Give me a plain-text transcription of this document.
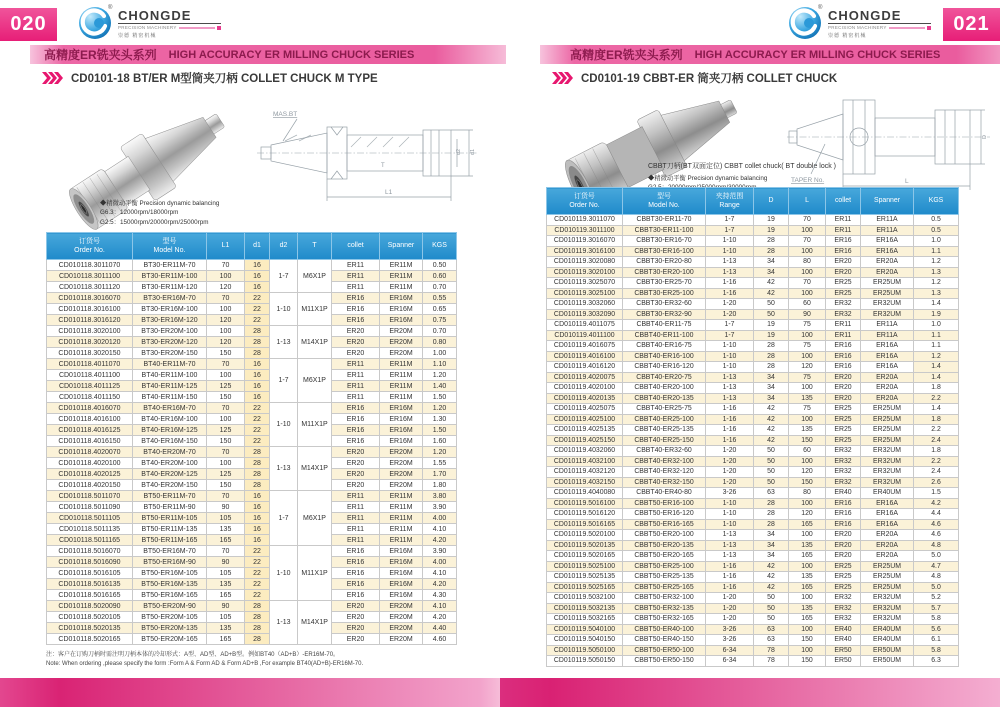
020
® CHONGDE
PRECISION MACHINERY
崇德 精密机械
高精度ER铣夹头系列 HIGH ACCURACY ER MILLING CHUCK SERIES
CD0101-18 BT/ER M型筒夹刀柄 COLLET CHUCK M TYPE
◆精微动平衡 Precision dynamic balancing
G6.3：12000rpm/18000rpm
G2.5：15000rpm/20000rpm/25000rpm
MAS.BT
L1
T
d2 d1
订货号
Order No.

型号
Model No.

L1	d1	d2	T	collet	Spanner	KGS

CD010118.3011070	BT30-ER11M-70	70	16	1-7	M6X1P	ER11	ER11M	0.50
CD010118.3011100	BT30-ER11M-100	100	16			ER11	ER11M	0.60
CD010118.3011120	BT30-ER11M-120	120	16			ER11	ER11M	0.70
CD010118.3016070	BT30-ER16M-70	70	22	1-10	M11X1P	ER16	ER16M	0.55
CD010118.3016100	BT30-ER16M-100	100	22			ER16	ER16M	0.65
CD010118.3016120	BT30-ER16M-120	120	22			ER16	ER16M	0.75
CD010118.3020100	BT30-ER20M-100	100	28	1-13	M14X1P	ER20	ER20M	0.70
CD010118.3020120	BT30-ER20M-120	120	28			ER20	ER20M	0.80
CD010118.3020150	BT30-ER20M-150	150	28			ER20	ER20M	1.00
CD010118.4011070	BT40-ER11M-70	70	16	1-7	M6X1P	ER11	ER11M	1.10
CD010118.4011100	BT40-ER11M-100	100	16			ER11	ER11M	1.20
CD010118.4011125	BT40-ER11M-125	125	16			ER11	ER11M	1.40
CD010118.4011150	BT40-ER11M-150	150	16			ER11	ER11M	1.50
CD010118.4016070	BT40-ER16M-70	70	22	1-10	M11X1P	ER16	ER16M	1.20
CD010118.4016100	BT40-ER16M-100	100	22			ER16	ER16M	1.30
CD010118.4016125	BT40-ER16M-125	125	22			ER16	ER16M	1.50
CD010118.4016150	BT40-ER16M-150	150	22			ER16	ER16M	1.60
CD010118.4020070	BT40-ER20M-70	70	28	1-13	M14X1P	ER20	ER20M	1.20
CD010118.4020100	BT40-ER20M-100	100	28			ER20	ER20M	1.55
CD010118.4020125	BT40-ER20M-125	125	28			ER20	ER20M	1.70
CD010118.4020150	BT40-ER20M-150	150	28			ER20	ER20M	1.80
CD010118.5011070	BT50-ER11M-70	70	16	1-7	M6X1P	ER11	ER11M	3.80
CD010118.5011090	BT50-ER11M-90	90	16			ER11	ER11M	3.90
CD010118.5011105	BT50-ER11M-105	105	16			ER11	ER11M	4.00
CD010118.5011135	BT50-ER11M-135	135	16			ER11	ER11M	4.10
CD010118.5011165	BT50-ER11M-165	165	16			ER11	ER11M	4.20
CD010118.5016070	BT50-ER16M-70	70	22	1-10	M11X1P	ER16	ER16M	3.90
CD010118.5016090	BT50-ER16M-90	90	22			ER16	ER16M	4.00
CD010118.5016105	BT50-ER16M-105	105	22			ER16	ER16M	4.10
CD010118.5016135	BT50-ER16M-135	135	22			ER16	ER16M	4.20
CD010118.5016165	BT50-ER16M-165	165	22			ER16	ER16M	4.30
CD010118.5020090	BT50-ER20M-90	90	28	1-13	M14X1P	ER20	ER20M	4.10
CD010118.5020105	BT50-ER20M-105	105	28			ER20	ER20M	4.20
CD010118.5020135	BT50-ER20M-135	135	28			ER20	ER20M	4.40
CD010118.5020165	BT50-ER20M-165	165	28			ER20	ER20M	4.60
注：客户在订购刀柄时需注明刀柄本体的冷却形式：A型、AD型、AD+B型。例如BT40（AD+B）-ER16M-70。
Note: When ordering ,please specify the form :Form A & Form AD & Form AD+B ,For example BT40(AD+B)-ER16M-70.
021
® CHONGDE
PRECISION MACHINERY
崇德 精密机械
高精度ER铣夹头系列 HIGH ACCURACY ER MILLING CHUCK SERIES
CD0101-19 CBBT-ER 筒夹刀柄 COLLET CHUCK
CBBT刀柄(BT双面定位) CBBT collet chuck( BT double lock )
◆精微动平衡 Precision dynamic balancing	TAPER No.	L
D
订货号
Order No.

型号
Model No.

夹持范围
Range

D	L	collet	Spanner	KGS

CD010119.3011070	CBBT30-ER11-70	1-7	19	70	ER11	ER11A	0.5
CD010119.3011100	CBBT30-ER11-100	1-7	19	100	ER11	ER11A	0.5
CD010119.3016070	CBBT30-ER16-70	1-10	28	70	ER16	ER16A	1.0
CD010119.3016100	CBBT30-ER16-100	1-10	28	100	ER16	ER16A	1.1
CD010119.3020080	CBBT30-ER20-80	1-13	34	80	ER20	ER20A	1.2
CD010119.3020100	CBBT30-ER20-100	1-13	34	100	ER20	ER20A	1.3
CD010119.3025070	CBBT30-ER25-70	1-16	42	70	ER25	ER25UM	1.2
CD010119.3025100	CBBT30-ER25-100	1-16	42	100	ER25	ER25UM	1.3
CD010119.3032060	CBBT30-ER32-60	1-20	50	60	ER32	ER32UM	1.4
CD010119.3032090	CBBT30-ER32-90	1-20	50	90	ER32	ER32UM	1.9
CD010119.4011075	CBBT40-ER11-75	1-7	19	75	ER11	ER11A	1.0
CD010119.4011100	CBBT40-ER11-100	1-7	19	100	ER11	ER11A	1.1
CD010119.4016075	CBBT40-ER16-75	1-10	28	75	ER16	ER16A	1.1
CD010119.4016100	CBBT40-ER16-100	1-10	28	100	ER16	ER16A	1.2
CD010119.4016120	CBBT40-ER16-120	1-10	28	120	ER16	ER16A	1.4
CD010119.4020075	CBBT40-ER20-75	1-13	34	75	ER20	ER20A	1.4
CD010119.4020100	CBBT40-ER20-100	1-13	34	100	ER20	ER20A	1.8
CD010119.4020135	CBBT40-ER20-135	1-13	34	135	ER20	ER20A	2.2
CD010119.4025075	CBBT40-ER25-75	1-16	42	75	ER25	ER25UM	1.4
CD010119.4025100	CBBT40-ER25-100	1-16	42	100	ER25	ER25UM	1.8
CD010119.4025135	CBBT40-ER25-135	1-16	42	135	ER25	ER25UM	2.2
CD010119.4025150	CBBT40-ER25-150	1-16	42	150	ER25	ER25UM	2.4
CD010119.4032060	CBBT40-ER32-60	1-20	50	60	ER32	ER32UM	1.8
CD010119.4032100	CBBT40-ER32-100	1-20	50	100	ER32	ER32UM	2.2
CD010119.4032120	CBBT40-ER32-120	1-20	50	120	ER32	ER32UM	2.4
CD010119.4032150	CBBT40-ER32-150	1-20	50	150	ER32	ER32UM	2.6
CD010119.4040080	CBBT40-ER40-80	3-26	63	80	ER40	ER40UM	1.5
CD010119.5016100	CBBT50-ER16-100	1-10	28	100	ER16	ER16A	4.2
CD010119.5016120	CBBT50-ER16-120	1-10	28	120	ER16	ER16A	4.4
CD010119.5016165	CBBT50-ER16-165	1-10	28	165	ER16	ER16A	4.6
CD010119.5020100	CBBT50-ER20-100	1-13	34	100	ER20	ER20A	4.6
CD010119.5020135	CBBT50-ER20-135	1-13	34	135	ER20	ER20A	4.8
CD010119.5020165	CBBT50-ER20-165	1-13	34	165	ER20	ER20A	5.0
CD010119.5025100	CBBT50-ER25-100	1-16	42	100	ER25	ER25UM	4.7
CD010119.5025135	CBBT50-ER25-135	1-16	42	135	ER25	ER25UM	4.8
CD010119.5025165	CBBT50-ER25-165	1-16	42	165	ER25	ER25UM	5.0
CD010119.5032100	CBBT50-ER32-100	1-20	50	100	ER32	ER32UM	5.2
CD010119.5032135	CBBT50-ER32-135	1-20	50	135	ER32	ER32UM	5.7
CD010119.5032165	CBBT50-ER32-165	1-20	50	165	ER32	ER32UM	5.8
CD010119.5040100	CBBT50-ER40-100	3-26	63	100	ER40	ER40UM	5.6
CD010119.5040150	CBBT50-ER40-150	3-26	63	150	ER40	ER40UM	6.1
CD010119.5050100	CBBT50-ER50-100	6-34	78	100	ER50	ER50UM	5.8
CD010119.5050150	CBBT50-ER50-150	6-34	78	150	ER50	ER50UM	6.3
